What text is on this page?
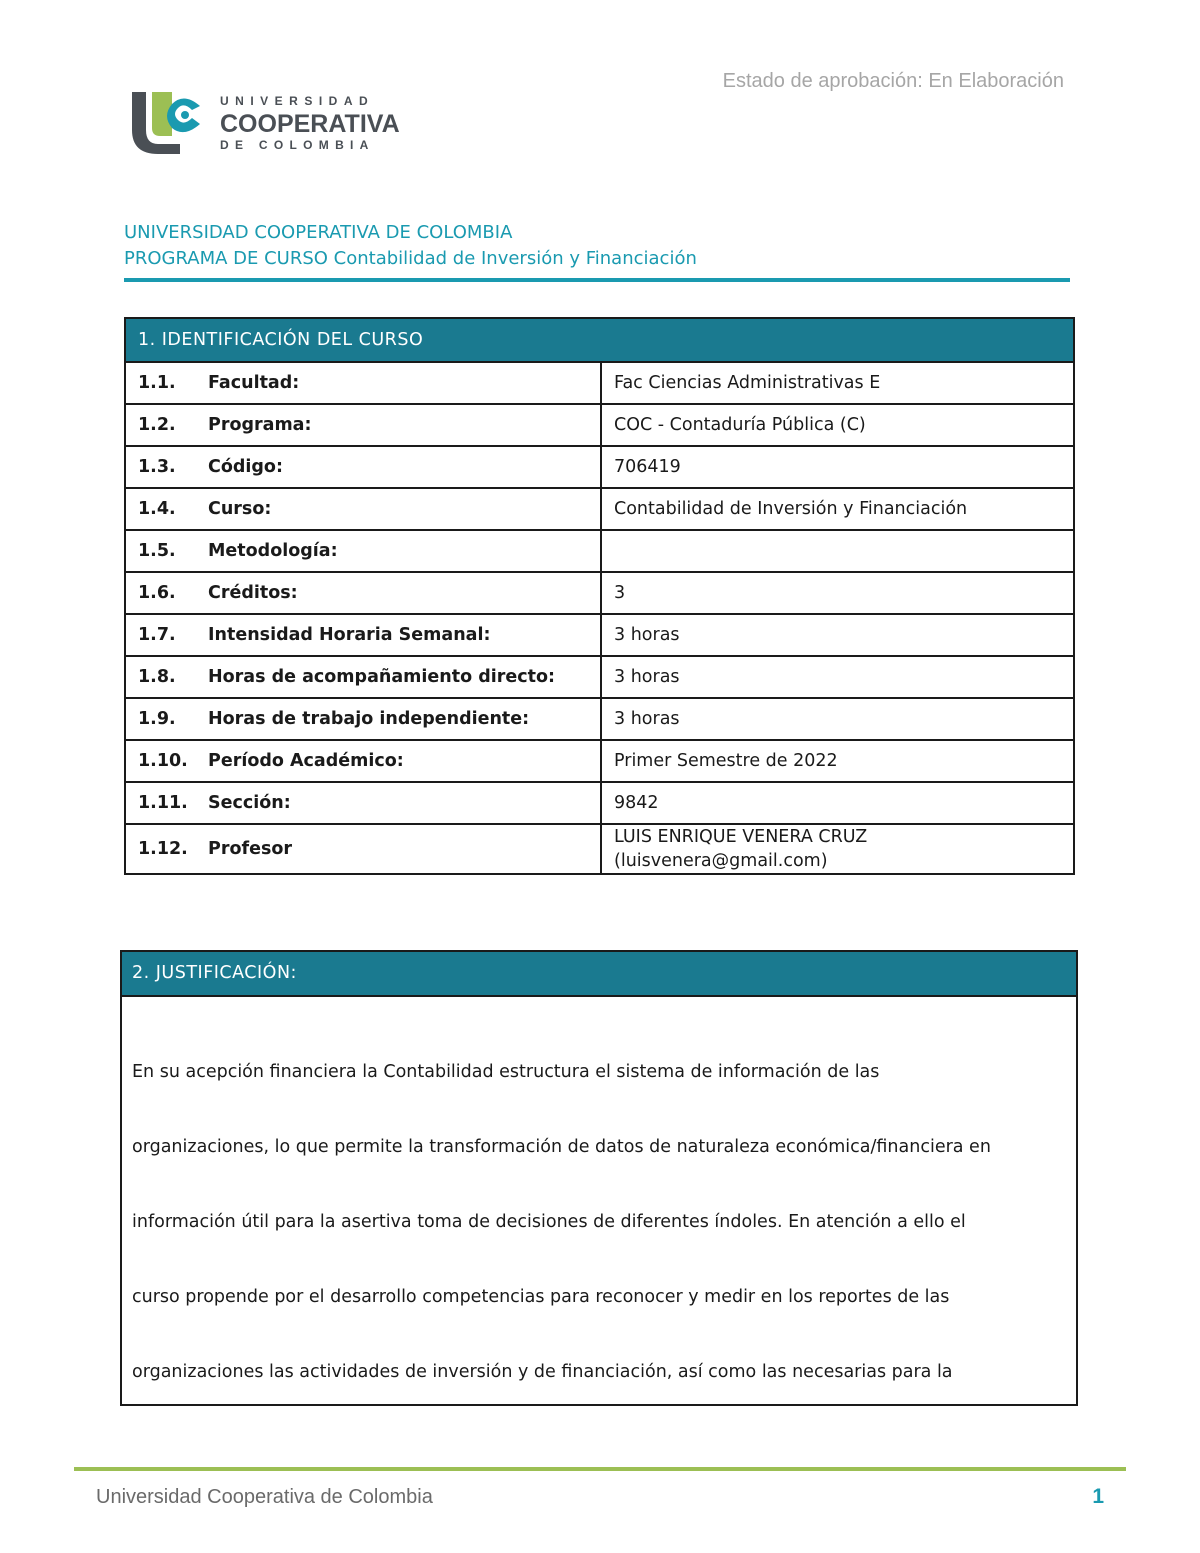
Estado de aprobación: En Elaboración
UNIVERSIDAD
COOPERATIVA
DE COLOMBIA
UNIVERSIDAD COOPERATIVA DE COLOMBIA
PROGRAMA DE CURSO Contabilidad de Inversión y Financiación
1. IDENTIFICACIÓN DEL CURSO	
1.1. Facultad:	Fac Ciencias Administrativas E
1.2. Programa:	COC - Contaduría Pública (C)
1.3. Código:	706419
1.4. Curso:	Contabilidad de Inversión y Financiación
1.5. Metodología:	
1.6. Créditos:	3
1.7. Intensidad Horaria Semanal:	3 horas
1.8. Horas de acompañamiento directo:	3 horas
1.9. Horas de trabajo independiente:	3 horas
1.10. Período Académico:	Primer Semestre de 2022
1.11. Sección:	9842
1.12. Profesor	LUIS ENRIQUE VENERA CRUZ (luisvenera@gmail.com)
2. JUSTIFICACIÓN:
En su acepción financiera la Contabilidad estructura el sistema de información de las
organizaciones, lo que permite la transformación de datos de naturaleza económica/financiera en
información útil para la asertiva toma de decisiones de diferentes índoles. En atención a ello el
curso propende por el desarrollo competencias para reconocer y medir en los reportes de las
organizaciones las actividades de inversión y de financiación, así como las necesarias para la
Universidad Cooperativa de Colombia	1
